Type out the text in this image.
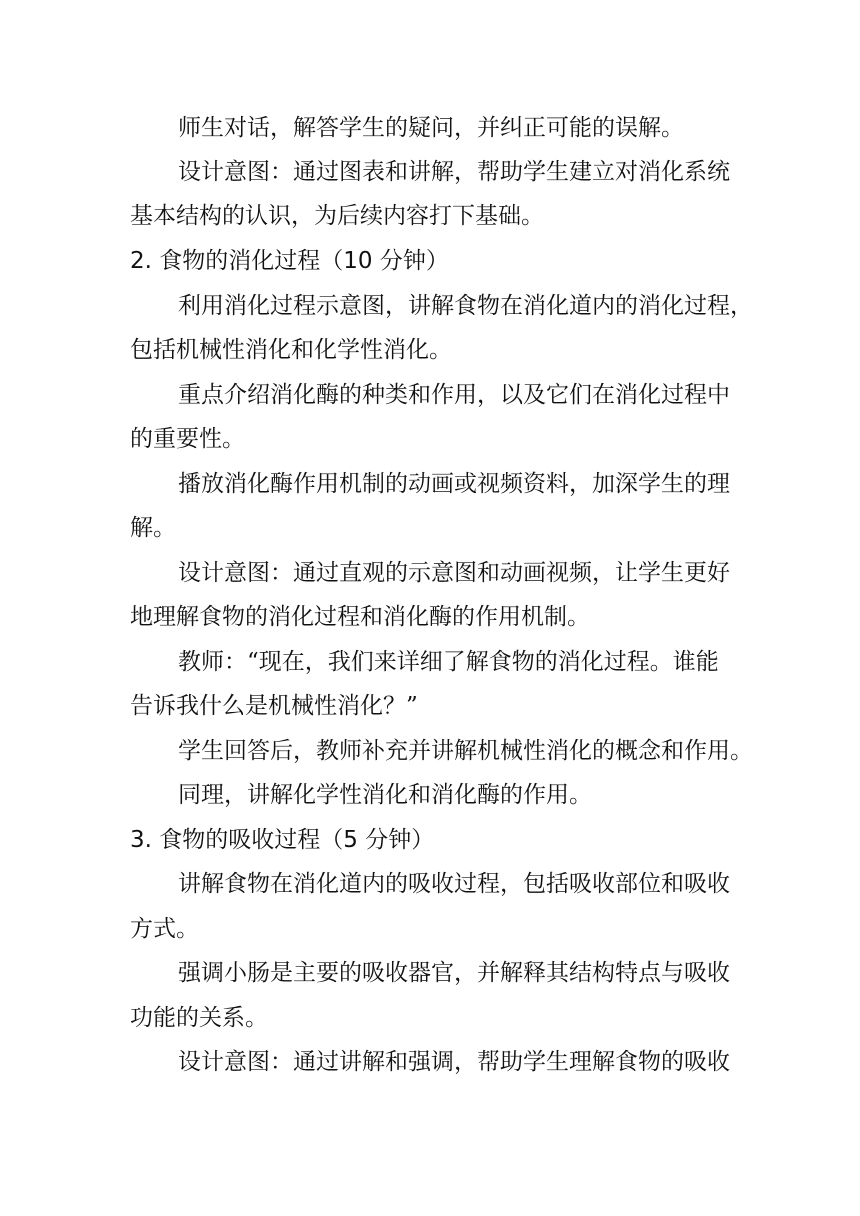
师生对话，解答学生的疑问，并纠正可能的误解。

设计意图：通过图表和讲解，帮助学生建立对消化系统

基本结构的认识，为后续内容打下基础。

2. 食物的消化过程（10 分钟）

利用消化过程示意图，讲解食物在消化道内的消化过程，

包括机械性消化和化学性消化。

重点介绍消化酶的种类和作用，以及它们在消化过程中

的重要性。

播放消化酶作用机制的动画或视频资料，加深学生的理

解。

设计意图：通过直观的示意图和动画视频，让学生更好

地理解食物的消化过程和消化酶的作用机制。

教师：“现在，我们来详细了解食物的消化过程。谁能

告诉我什么是机械性消化？”

学生回答后，教师补充并讲解机械性消化的概念和作用。

同理，讲解化学性消化和消化酶的作用。

3. 食物的吸收过程（5 分钟）

讲解食物在消化道内的吸收过程，包括吸收部位和吸收

方式。

强调小肠是主要的吸收器官，并解释其结构特点与吸收

功能的关系。

设计意图：通过讲解和强调，帮助学生理解食物的吸收
